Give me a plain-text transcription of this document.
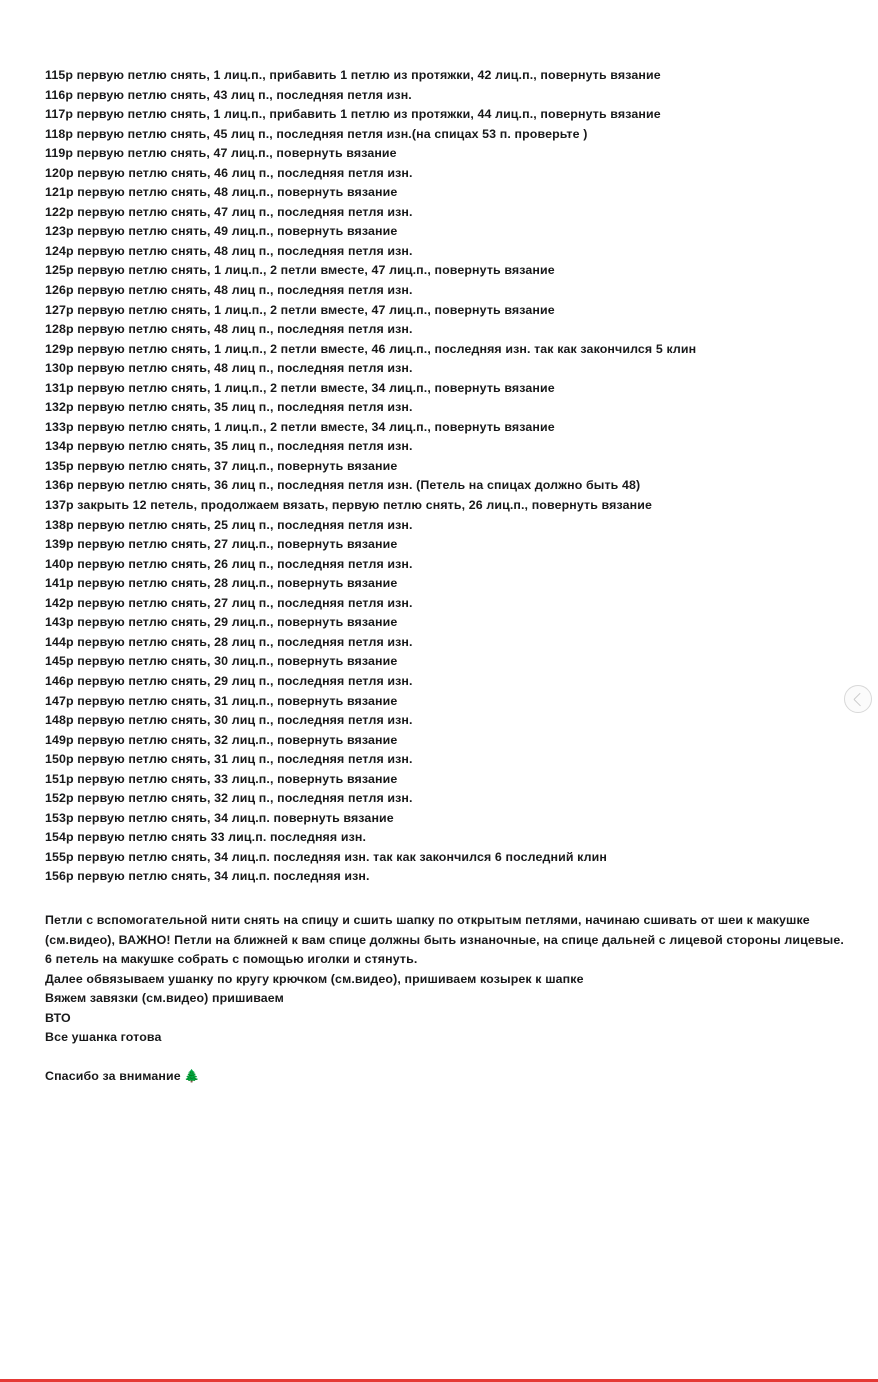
115р первую петлю снять, 1 лиц.п., прибавить 1 петлю из протяжки, 42 лиц.п., повернуть вязание
116р первую петлю снять, 43 лиц п., последняя петля изн.
117р первую петлю снять, 1 лиц.п., прибавить 1 петлю из протяжки, 44 лиц.п., повернуть вязание
118р первую петлю снять, 45 лиц п., последняя петля изн.(на спицах 53 п. проверьте )
119р первую петлю снять, 47 лиц.п., повернуть вязание
120р первую петлю снять, 46 лиц п., последняя петля изн.
121р первую петлю снять, 48 лиц.п., повернуть вязание
122р первую петлю снять, 47 лиц п., последняя петля изн.
123р первую петлю снять, 49 лиц.п., повернуть вязание
124р первую петлю снять, 48 лиц п., последняя петля изн.
125р первую петлю снять, 1 лиц.п., 2 петли вместе, 47 лиц.п., повернуть вязание
126р первую петлю снять, 48 лиц п., последняя петля изн.
127р первую петлю снять, 1 лиц.п., 2 петли вместе, 47 лиц.п., повернуть вязание
128р первую петлю снять, 48 лиц п., последняя петля изн.
129р первую петлю снять, 1 лиц.п., 2 петли вместе, 46 лиц.п., последняя изн. так как закончился 5 клин
130р первую петлю снять, 48 лиц п., последняя петля изн.
131р первую петлю снять, 1 лиц.п., 2 петли вместе, 34 лиц.п., повернуть вязание
132р первую петлю снять, 35 лиц п., последняя петля изн.
133р первую петлю снять, 1 лиц.п., 2 петли вместе, 34 лиц.п., повернуть вязание
134р первую петлю снять, 35 лиц п., последняя петля изн.
135р первую петлю снять, 37 лиц.п., повернуть вязание
136р первую петлю снять, 36 лиц п., последняя петля изн. (Петель на спицах должно быть 48)
137р закрыть 12 петель, продолжаем вязать, первую петлю снять, 26 лиц.п., повернуть вязание
138р первую петлю снять, 25 лиц п., последняя петля изн.
139р первую петлю снять, 27 лиц.п., повернуть вязание
140р первую петлю снять, 26 лиц п., последняя петля изн.
141р первую петлю снять, 28 лиц.п., повернуть вязание
142р первую петлю снять, 27 лиц п., последняя петля изн.
143р первую петлю снять, 29 лиц.п., повернуть вязание
144р первую петлю снять, 28 лиц п., последняя петля изн.
145р первую петлю снять, 30 лиц.п., повернуть вязание
146р первую петлю снять, 29 лиц п., последняя петля изн.
147р первую петлю снять, 31 лиц.п., повернуть вязание
148р первую петлю снять, 30 лиц п., последняя петля изн.
149р первую петлю снять, 32 лиц.п., повернуть вязание
150р первую петлю снять, 31 лиц п., последняя петля изн.
151р первую петлю снять, 33 лиц.п., повернуть вязание
152р первую петлю снять, 32 лиц п., последняя петля изн.
153р первую петлю снять, 34 лиц.п. повернуть вязание
154р первую петлю снять 33 лиц.п. последняя изн.
155р первую петлю снять, 34 лиц.п. последняя изн. так как закончился 6 последний клин
156р первую петлю снять, 34 лиц.п. последняя изн.
Петли с вспомогательной нити снять на спицу и сшить шапку по открытым петлями, начинаю сшивать от шеи к макушке (см.видео), ВАЖНО! Петли на ближней к вам спице должны быть изнаночные, на спице дальней с лицевой стороны лицевые.
6 петель на макушке собрать с помощью иголки и стянуть.
Далее обвязываем ушанку по кругу крючком (см.видео), пришиваем козырек к шапке
Вяжем завязки (см.видео) пришиваем
ВТО
Все ушанка готова
Спасибо за внимание 🌲
